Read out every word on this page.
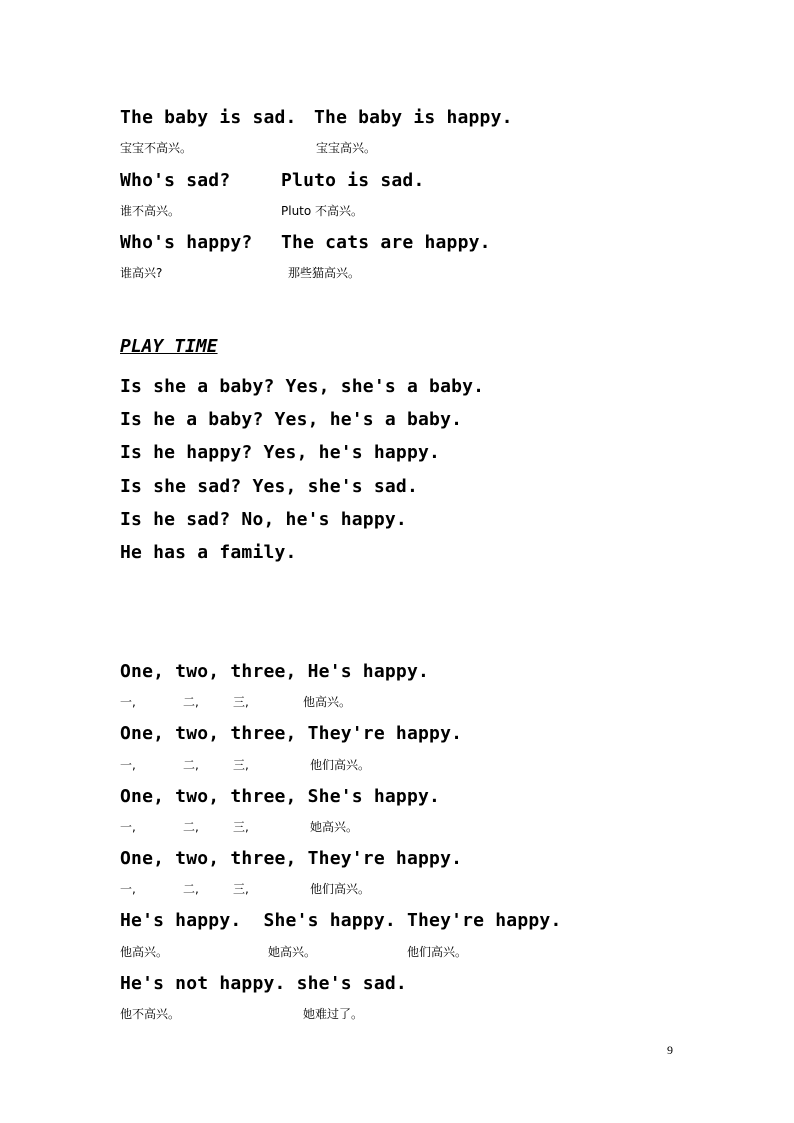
The baby is sad. The baby is happy.
宝宝不高兴。	宝宝高兴。
Who's sad?	Pluto is sad.
谁不高兴。	Pluto 不高兴。
Who's happy? The cats are happy.
谁高兴?	那些猫高兴。
PLAY TIME
Is she a baby? Yes, she's a baby.
Is he a baby? Yes, he's a baby.
Is he happy? Yes, he's happy.
Is she sad? Yes, she's sad.
Is he sad? No, he's happy.
He has a family.
One, two, three, He's happy.
一,	二,	三,	他高兴。
One, two, three, They're happy.
一,	二,	三,	他们高兴。
One, two, three, She's happy.
一,	二,	三,	她高兴。
One, two, three, They're happy.
一,	二,	三,	他们高兴。
He's happy.  She's happy. They're happy.
他高兴。	她高兴。	他们高兴。
He's not happy. she's sad.
他不高兴。	她难过了。
9
